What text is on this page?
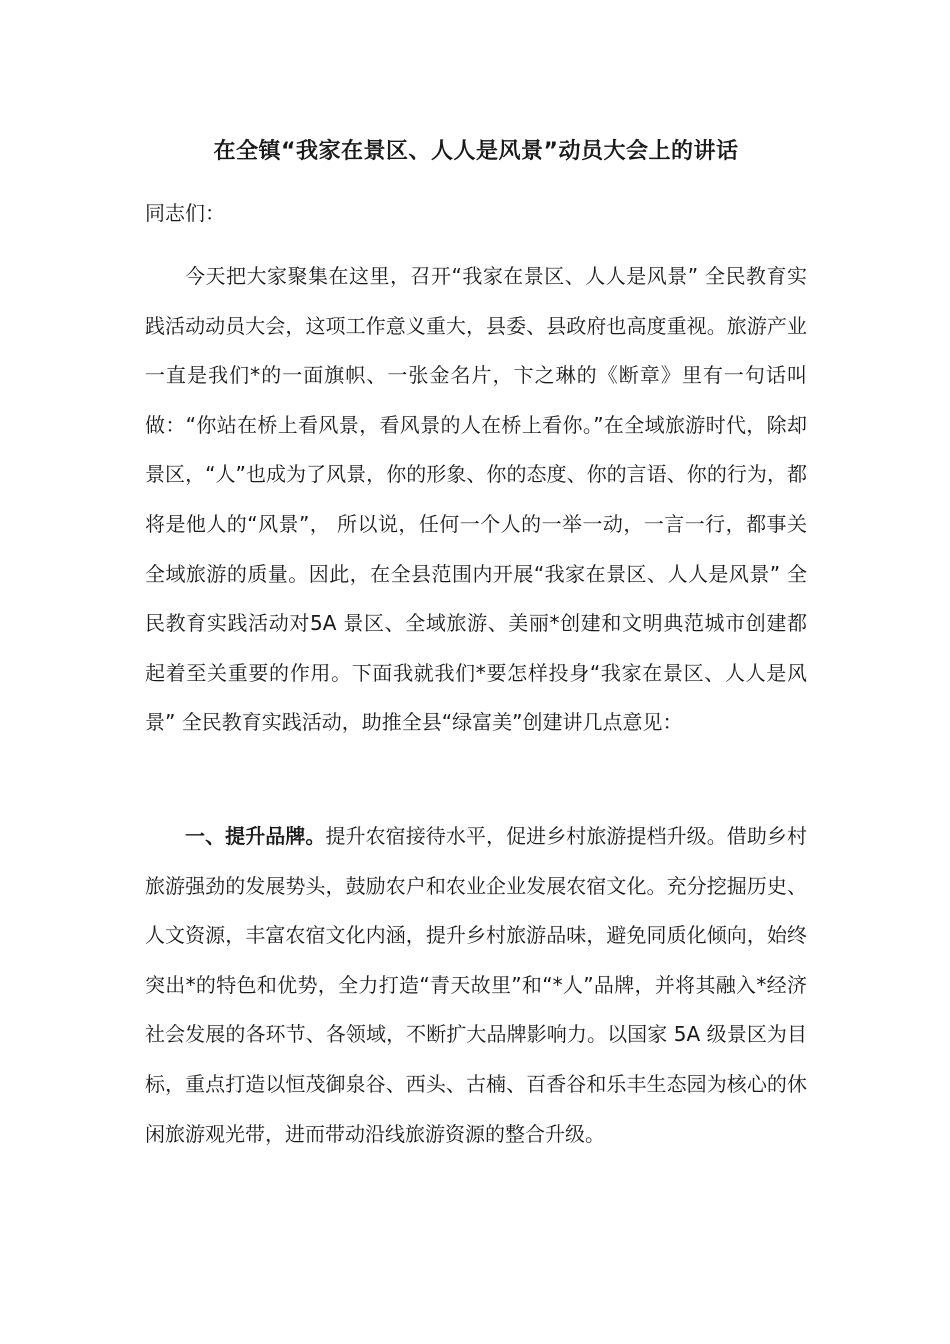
在全镇“我家在景区、人人是风景”动员大会上的讲话

同志们：

今天把大家聚集在这里，召开“我家在景区、人人是风景” 全民教育实践活动动员大会，这项工作意义重大，县委、县政府也高度重视。旅游产业一直是我们*的一面旗帜、一张金名片，卞之琳的《断章》里有一句话叫做：“你站在桥上看风景，看风景的人在桥上看你。”在全域旅游时代，除却景区，“人”也成为了风景，你的形象、你的态度、你的言语、你的行为，都将是他人的“风景”， 所以说，任何一个人的一举一动，一言一行，都事关全域旅游的质量。因此，在全县范围内开展“我家在景区、人人是风景” 全民教育实践活动对5A 景区、全域旅游、美丽*创建和文明典范城市创建都起着至关重要的作用。下面我就我们*要怎样投身“我家在景区、人人是风景” 全民教育实践活动，助推全县“绿富美”创建讲几点意见：

一、提升品牌。提升农宿接待水平，促进乡村旅游提档升级。借助乡村旅游强劲的发展势头，鼓励农户和农业企业发展农宿文化。充分挖掘历史、人文资源，丰富农宿文化内涵，提升乡村旅游品味，避免同质化倾向，始终突出*的特色和优势，全力打造“青天故里”和“*人”品牌，并将其融入*经济社会发展的各环节、各领域，不断扩大品牌影响力。以国家 5A 级景区为目标，重点打造以恒茂御泉谷、西头、古楠、百香谷和乐丰生态园为核心的休闲旅游观光带，进而带动沿线旅游资源的整合升级。
